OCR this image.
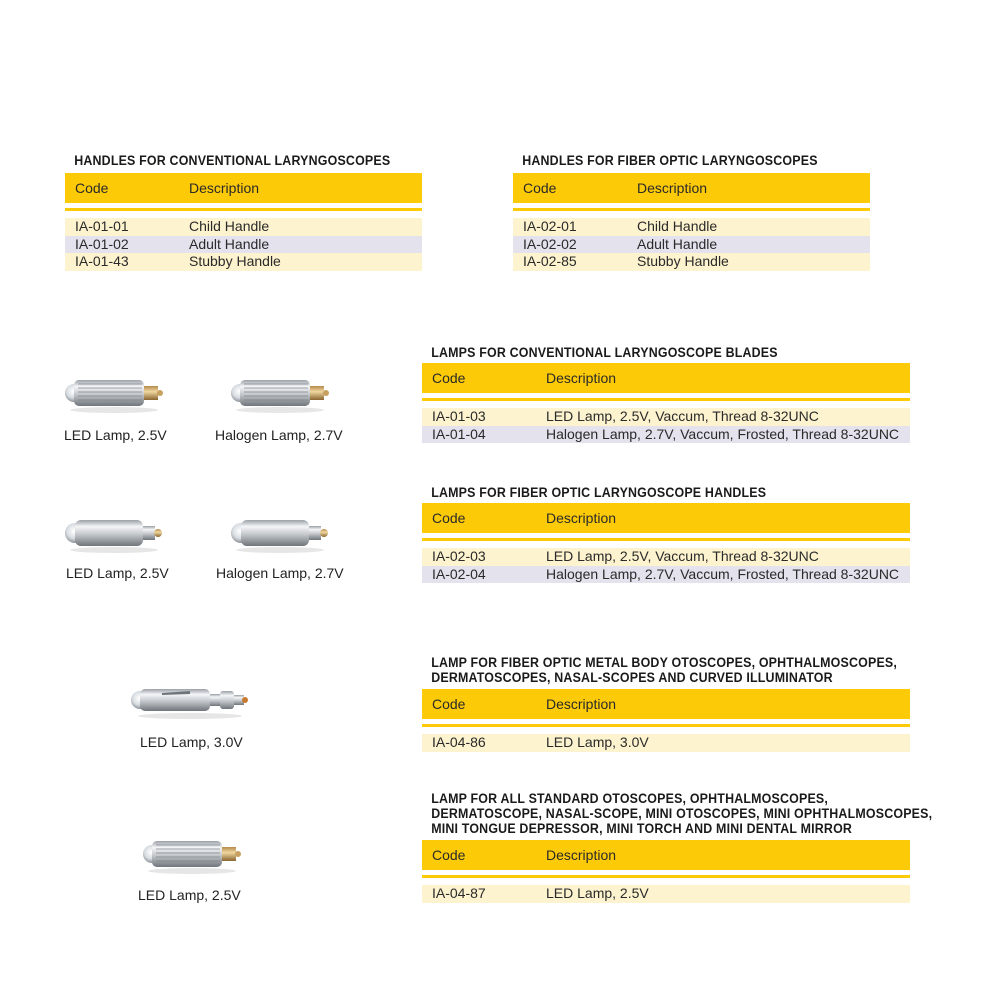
HANDLES FOR CONVENTIONAL LARYNGOSCOPES
Code	Description
IA-01-01	Child Handle
IA-01-02	Adult Handle
IA-01-43	Stubby Handle
HANDLES FOR FIBER OPTIC LARYNGOSCOPES
Code	Description
IA-02-01	Child Handle
IA-02-02	Adult Handle
IA-02-85	Stubby Handle
LAMPS FOR CONVENTIONAL LARYNGOSCOPE BLADES
Code	Description
IA-01-03	LED Lamp, 2.5V, Vaccum, Thread 8-32UNC
IA-01-04	Halogen Lamp, 2.7V, Vaccum, Frosted, Thread 8-32UNC
LAMPS FOR FIBER OPTIC LARYNGOSCOPE HANDLES
Code	Description
IA-02-03	LED Lamp, 2.5V, Vaccum, Thread 8-32UNC
IA-02-04	Halogen Lamp, 2.7V, Vaccum, Frosted, Thread 8-32UNC
LAMP FOR FIBER OPTIC METAL BODY OTOSCOPES, OPHTHALMOSCOPES,
DERMATOSCOPES, NASAL-SCOPES AND CURVED ILLUMINATOR
Code	Description
IA-04-86	LED Lamp, 3.0V
LAMP FOR ALL STANDARD OTOSCOPES, OPHTHALMOSCOPES,
DERMATOSCOPE, NASAL-SCOPE, MINI OTOSCOPES, MINI OPHTHALMOSCOPES,
MINI TONGUE DEPRESSOR, MINI TORCH AND MINI DENTAL MIRROR
Code	Description
IA-04-87	LED Lamp, 2.5V
LED Lamp, 2.5V	Halogen Lamp, 2.7V
LED Lamp, 2.5V	Halogen Lamp, 2.7V
LED Lamp, 3.0V
LED Lamp, 2.5V
